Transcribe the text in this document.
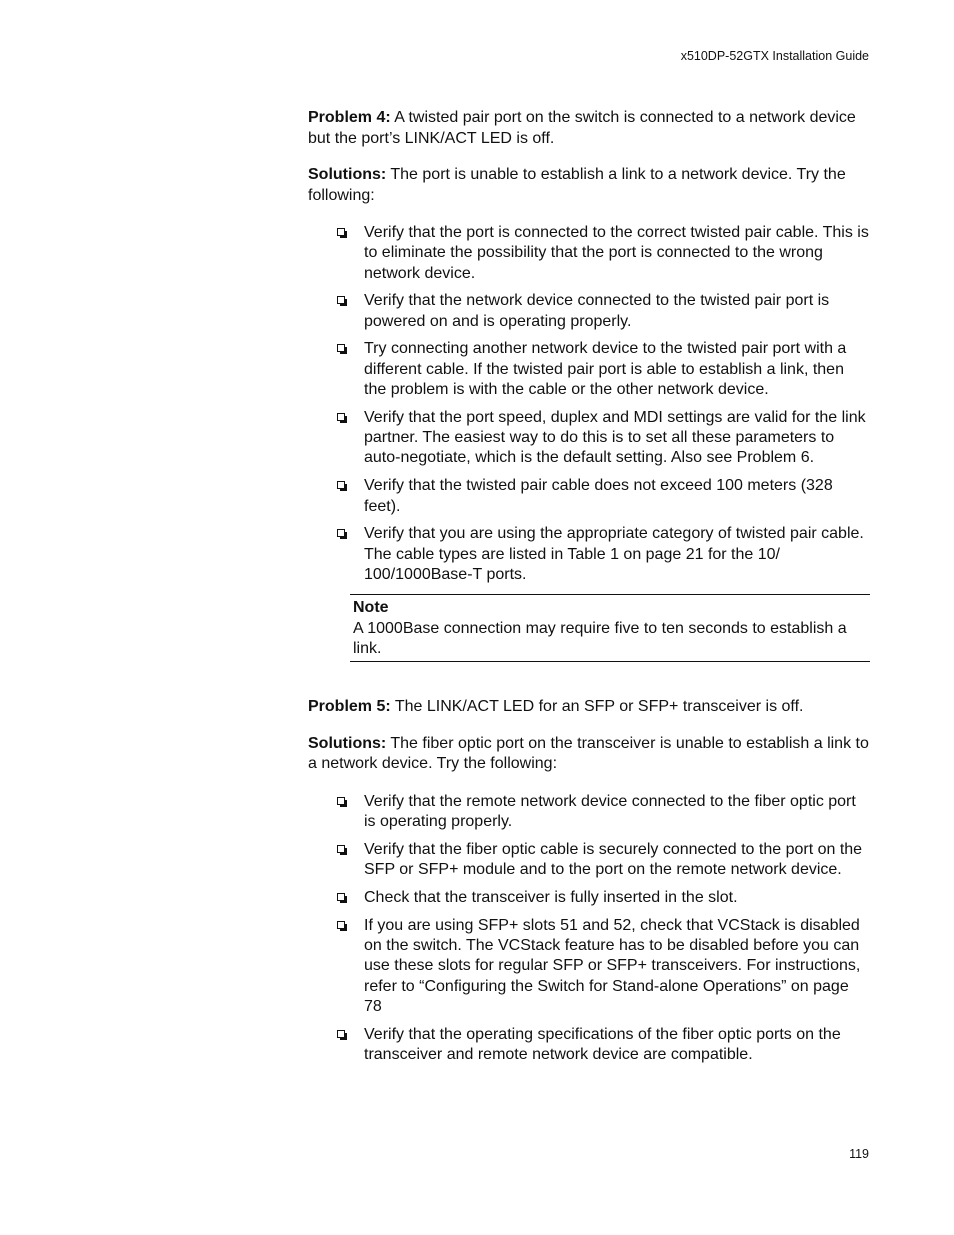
x510DP-52GTX Installation Guide

Problem 4: A twisted pair port on the switch is connected to a network device but the port’s LINK/ACT LED is off.

Solutions: The port is unable to establish a link to a network device. Try the following:

Verify that the port is connected to the correct twisted pair cable. This is to eliminate the possibility that the port is connected to the wrong network device.
Verify that the network device connected to the twisted pair port is powered on and is operating properly.
Try connecting another network device to the twisted pair port with a different cable. If the twisted pair port is able to establish a link, then the problem is with the cable or the other network device.
Verify that the port speed, duplex and MDI settings are valid for the link partner. The easiest way to do this is to set all these parameters to auto-negotiate, which is the default setting. Also see Problem 6.
Verify that the twisted pair cable does not exceed 100 meters (328 feet).
Verify that you are using the appropriate category of twisted pair cable. The cable types are listed in Table 1 on page 21 for the 10/ 100/1000Base-T ports.
Note
A 1000Base connection may require five to ten seconds to establish a link.

Problem 5: The LINK/ACT LED for an SFP or SFP+ transceiver is off.

Solutions: The fiber optic port on the transceiver is unable to establish a link to a network device. Try the following:

Verify that the remote network device connected to the fiber optic port is operating properly.
Verify that the fiber optic cable is securely connected to the port on the SFP or SFP+ module and to the port on the remote network device.
Check that the transceiver is fully inserted in the slot.
If you are using SFP+ slots 51 and 52, check that VCStack is disabled on the switch. The VCStack feature has to be disabled before you can use these slots for regular SFP or SFP+ transceivers. For instructions, refer to “Configuring the Switch for Stand-alone Operations” on page 78
Verify that the operating specifications of the fiber optic ports on the transceiver and remote network device are compatible.
119
